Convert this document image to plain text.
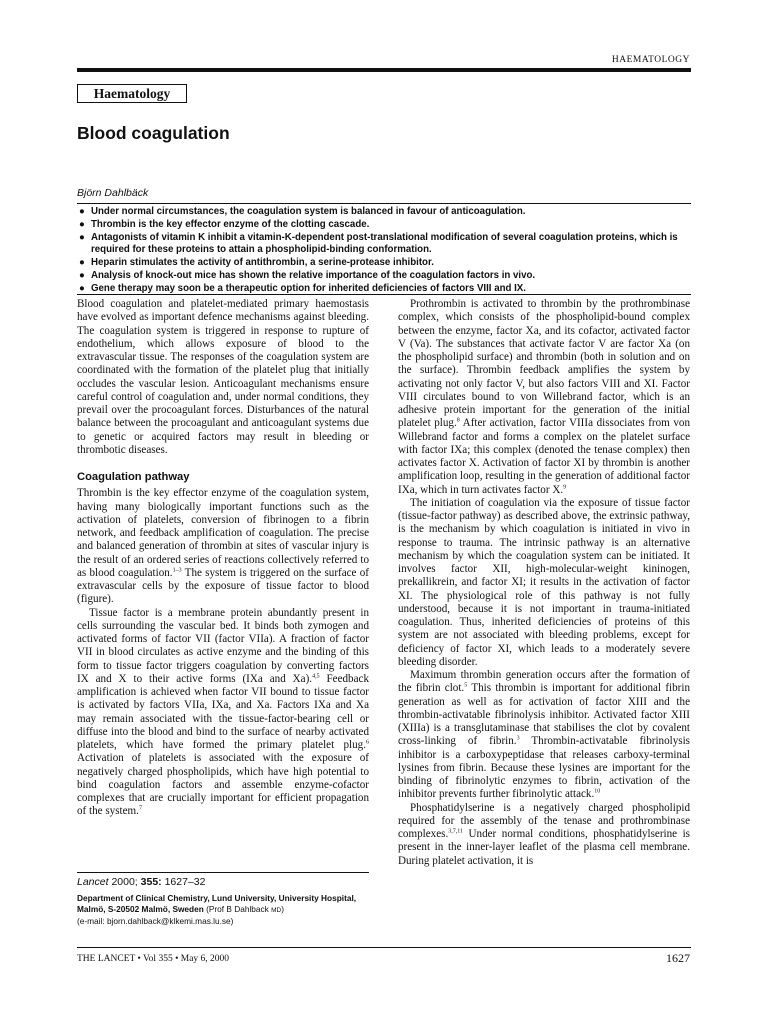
HAEMATOLOGY
Haematology
Blood coagulation
Björn Dahlbäck
● Under normal circumstances, the coagulation system is balanced in favour of anticoagulation.
● Thrombin is the key effector enzyme of the clotting cascade.
● Antagonists of vitamin K inhibit a vitamin-K-dependent post-translational modification of several coagulation proteins, which is required for these proteins to attain a phospholipid-binding conformation.
● Heparin stimulates the activity of antithrombin, a serine-protease inhibitor.
● Analysis of knock-out mice has shown the relative importance of the coagulation factors in vivo.
● Gene therapy may soon be a therapeutic option for inherited deficiencies of factors VIII and IX.

Blood coagulation and platelet-mediated primary haemostasis have evolved as important defence mechanisms against bleeding. The coagulation system is triggered in response to rupture of endothelium, which allows exposure of blood to the extravascular tissue. The responses of the coagulation system are coordinated with the formation of the platelet plug that initially occludes the vascular lesion. Anticoagulant mechanisms ensure careful control of coagulation and, under normal conditions, they prevail over the procoagulant forces. Disturbances of the natural balance between the procoagulant and anticoagulant systems due to genetic or acquired factors may result in bleeding or thrombotic diseases.

Coagulation pathway

Thrombin is the key effector enzyme of the coagulation system, having many biologically important functions such as the activation of platelets, conversion of fibrinogen to a fibrin network, and feedback amplification of coagulation. The precise and balanced generation of thrombin at sites of vascular injury is the result of an ordered series of reactions collectively referred to as blood coagulation.$^{1-3}$ The system is triggered on the surface of extravascular cells by the exposure of tissue factor to blood (figure).

Tissue factor is a membrane protein abundantly present in cells surrounding the vascular bed. It binds both zymogen and activated forms of factor VII (factor VIIa). A fraction of factor VII in blood circulates as active enzyme and the binding of this form to tissue factor triggers coagulation by converting factors IX and X to their active forms (IXa and Xa).$^{4,5}$ Feedback amplification is achieved when factor VII bound to tissue factor is activated by factors VIIa, IXa, and Xa. Factors IXa and Xa may remain associated with the tissue-factor-bearing cell or diffuse into the blood and bind to the surface of nearby activated platelets, which have formed the primary platelet plug.$^6$ Activation of platelets is associated with the exposure of negatively charged phospholipids, which have high potential to bind coagulation factors and assemble enzyme-cofactor complexes that are crucially important for efficient propagation of the system.$^7$

Lancet 2000; 355: 1627–32
Department of Clinical Chemistry, Lund University, University Hospital, Malmö, S-20502 Malmö, Sweden (Prof B Dahlback MD)
(e-mail: bjorn.dahlback@klkemi.mas.lu.se)

Prothrombin is activated to thrombin by the prothrombinase complex, which consists of the phospholipid-bound complex between the enzyme, factor Xa, and its cofactor, activated factor V (Va). The substances that activate factor V are factor Xa (on the phospholipid surface) and thrombin (both in solution and on the surface). Thrombin feedback amplifies the system by activating not only factor V, but also factors VIII and XI. Factor VIII circulates bound to von Willebrand factor, which is an adhesive protein important for the generation of the initial platelet plug.$^8$ After activation, factor VIIIa dissociates from von Willebrand factor and forms a complex on the platelet surface with factor IXa; this complex (denoted the tenase complex) then activates factor X. Activation of factor XI by thrombin is another amplification loop, resulting in the generation of additional factor IXa, which in turn activates factor X.$^9$

The initiation of coagulation via the exposure of tissue factor (tissue-factor pathway) as described above, the extrinsic pathway, is the mechanism by which coagulation is initiated in vivo in response to trauma. The intrinsic pathway is an alternative mechanism by which the coagulation system can be initiated. It involves factor XII, high-molecular-weight kininogen, prekallikrein, and factor XI; it results in the activation of factor XI. The physiological role of this pathway is not fully understood, because it is not important in trauma-initiated coagulation. Thus, inherited deficiencies of proteins of this system are not associated with bleeding problems, except for deficiency of factor XI, which leads to a moderately severe bleeding disorder.

Maximum thrombin generation occurs after the formation of the fibrin clot.$^5$ This thrombin is important for additional fibrin generation as well as for activation of factor XIII and the thrombin-activatable fibrinolysis inhibitor. Activated factor XIII (XIIIa) is a transglutaminase that stabilises the clot by covalent cross-linking of fibrin.$^3$ Thrombin-activatable fibrinolysis inhibitor is a carboxypeptidase that releases carboxy-terminal lysines from fibrin. Because these lysines are important for the binding of fibrinolytic enzymes to fibrin, activation of the inhibitor prevents further fibrinolytic attack.$^{10}$

Phosphatidylserine is a negatively charged phospholipid required for the assembly of the tenase and prothrombinase complexes.$^{3,7,11}$ Under normal conditions, phosphatidylserine is present in the inner-layer leaflet of the plasma cell membrane. During platelet activation, it is

THE LANCET • Vol 355 • May 6, 2000	1627
